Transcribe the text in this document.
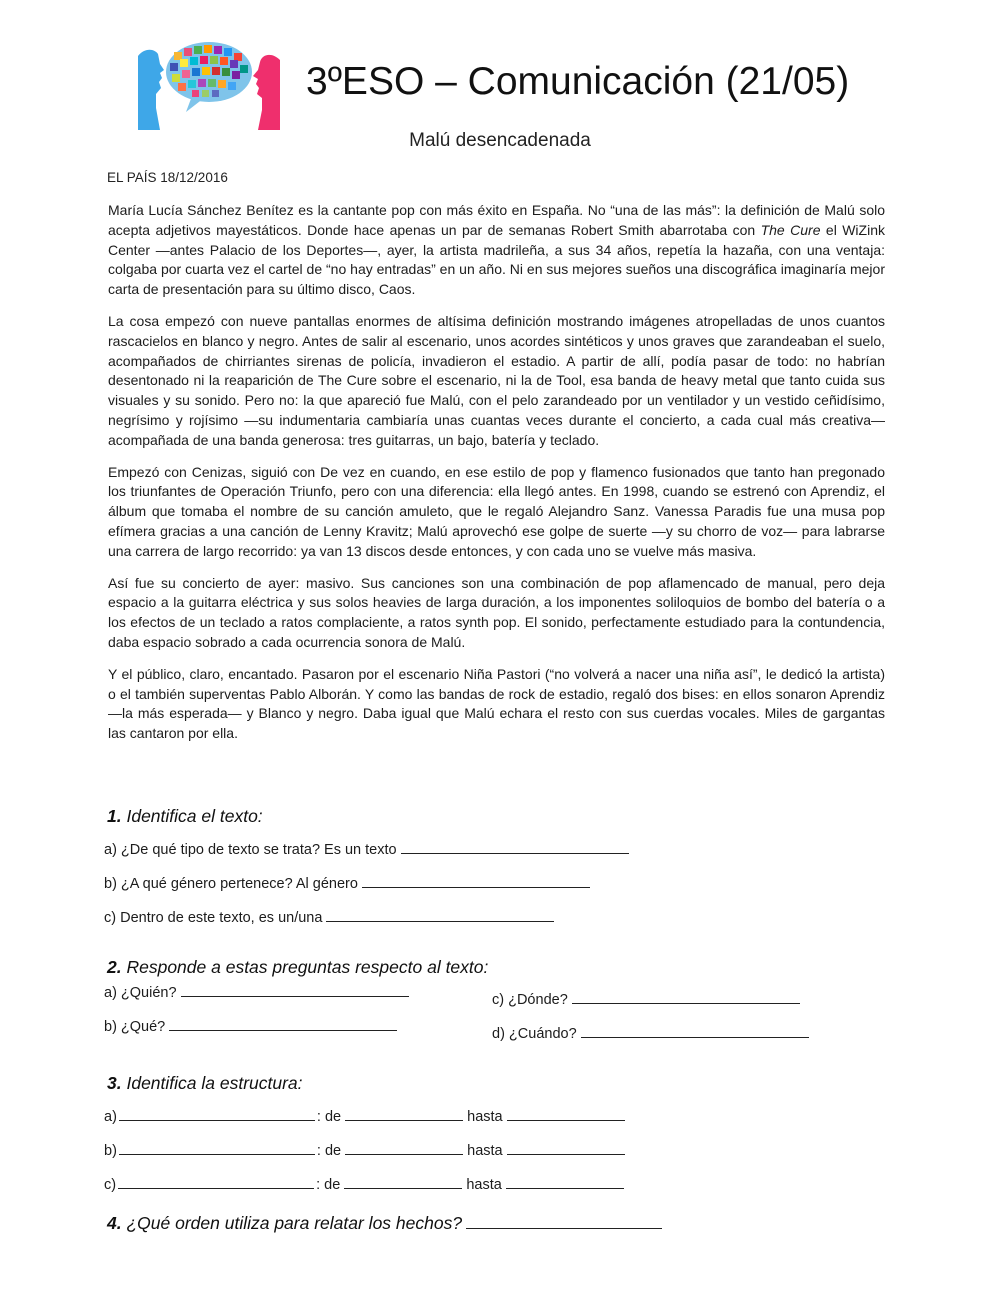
3ºESO – Comunicación (21/05)
Malú desencadenada
EL PAÍS 18/12/2016

María Lucía Sánchez Benítez es la cantante pop con más éxito en España. No “una de las más”: la definición de Malú solo acepta adjetivos mayestáticos. Donde hace apenas un par de semanas Robert Smith abarrotaba con The Cure el WiZink Center —antes Palacio de los Deportes—, ayer, la artista madrileña, a sus 34 años, repetía la hazaña, con una ventaja: colgaba por cuarta vez el cartel de “no hay entradas” en un año. Ni en sus mejores sueños una discográfica imaginaría mejor carta de presentación para su último disco, Caos.

La cosa empezó con nueve pantallas enormes de altísima definición mostrando imágenes atropelladas de unos cuantos rascacielos en blanco y negro. Antes de salir al escenario, unos acordes sintéticos y unos graves que zarandeaban el suelo, acompañados de chirriantes sirenas de policía, invadieron el estadio. A partir de allí, podía pasar de todo: no habrían desentonado ni la reaparición de The Cure sobre el escenario, ni la de Tool, esa banda de heavy metal que tanto cuida sus visuales y su sonido. Pero no: la que apareció fue Malú, con el pelo zarandeado por un ventilador y un vestido ceñidísimo, negrísimo y rojísimo —su indumentaria cambiaría unas cuantas veces durante el concierto, a cada cual más creativa— acompañada de una banda generosa: tres guitarras, un bajo, batería y teclado.

Empezó con Cenizas, siguió con De vez en cuando, en ese estilo de pop y flamenco fusionados que tanto han pregonado los triunfantes de Operación Triunfo, pero con una diferencia: ella llegó antes. En 1998, cuando se estrenó con Aprendiz, el álbum que tomaba el nombre de su canción amuleto, que le regaló Alejandro Sanz. Vanessa Paradis fue una musa pop efímera gracias a una canción de Lenny Kravitz; Malú aprovechó ese golpe de suerte —y su chorro de voz— para labrarse una carrera de largo recorrido: ya van 13 discos desde entonces, y con cada uno se vuelve más masiva.

Así fue su concierto de ayer: masivo. Sus canciones son una combinación de pop aflamencado de manual, pero deja espacio a la guitarra eléctrica y sus solos heavies de larga duración, a los imponentes soliloquios de bombo del batería o a los efectos de un teclado a ratos complaciente, a ratos synth pop. El sonido, perfectamente estudiado para la contundencia, daba espacio sobrado a cada ocurrencia sonora de Malú.

Y el público, claro, encantado. Pasaron por el escenario Niña Pastori (“no volverá a nacer una niña así”, le dedicó la artista) o el también superventas Pablo Alborán. Y como las bandas de rock de estadio, regaló dos bises: en ellos sonaron Aprendiz —la más esperada— y Blanco y negro. Daba igual que Malú echara el resto con sus cuerdas vocales. Miles de gargantas las cantaron por ella.

1. Identifica el texto:
a) ¿De qué tipo de texto se trata? Es un texto
b) ¿A qué género pertenece? Al género
c) Dentro de este texto, es un/una
2. Responde a estas preguntas respecto al texto:
a) ¿Quién?
b) ¿Qué?
c) ¿Dónde?
d) ¿Cuándo?
3. Identifica la estructura:
a)	: de	hasta
b)	: de	hasta
c)	: de	hasta
4. ¿Qué orden utiliza para relatar los hechos?
